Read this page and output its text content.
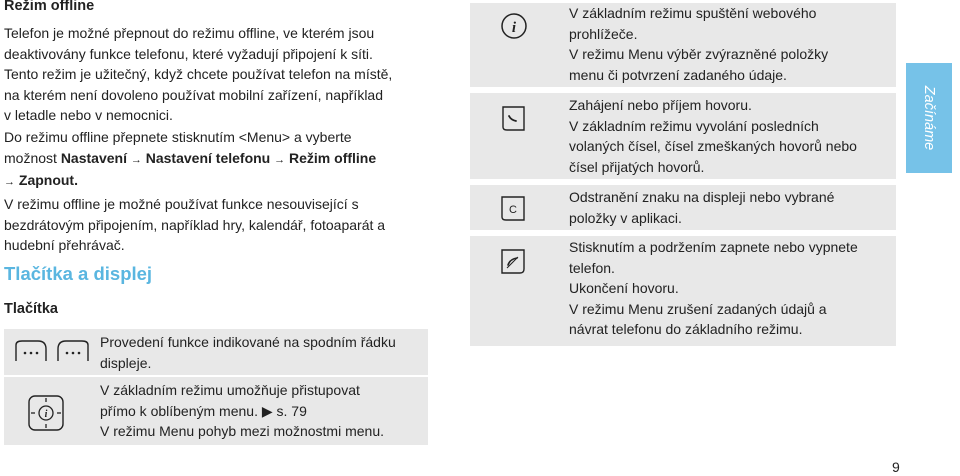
Režim offline
Telefon je možné přepnout do režimu offline, ve kterém jsou
deaktivovány funkce telefonu, které vyžadují připojení k síti.
Tento režim je užitečný, když chcete používat telefon na místě,
na kterém není dovoleno používat mobilní zařízení, například
v letadle nebo v nemocnici.
Do režimu offline přepnete stisknutím <Menu> a vyberte
možnost Nastavení → Nastavení telefonu → Režim offline
→ Zapnout.
V režimu offline je možné používat funkce nesouvisející s
bezdrátovým připojením, například hry, kalendář, fotoaparát a
hudební přehrávač.
Tlačítka a displej
Tlačítka
Provedení funkce indikované na spodním řádku
displeje.
i
V základním režimu umožňuje přistupovat
přímo k oblíbeným menu. ▶ s. 79
V režimu Menu pohyb mezi možnostmi menu.
i
V základním režimu spuštění webového
prohlížeče.
V režimu Menu výběr zvýrazněné položky
menu či potvrzení zadaného údaje.
Zahájení nebo příjem hovoru.
V základním režimu vyvolání posledních
volaných čísel, čísel zmeškaných hovorů nebo
čísel přijatých hovorů.
C
Odstranění znaku na displeji nebo vybrané
položky v aplikaci.
Stisknutím a podržením zapnete nebo vypnete
telefon.
Ukončení hovoru.
V režimu Menu zrušení zadaných údajů a
návrat telefonu do základního režimu.
Začínáme
9
